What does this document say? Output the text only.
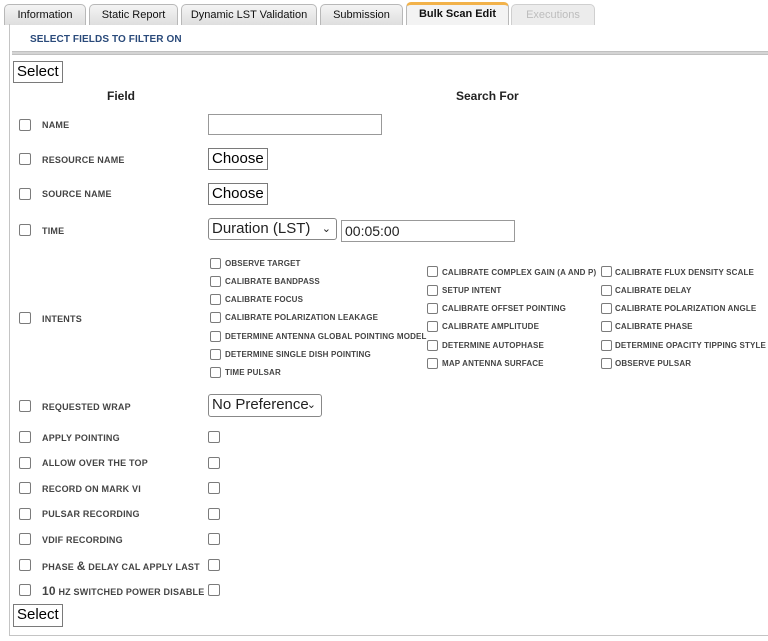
Information	Static Report	Dynamic LST Validation	Submission	Bulk Scan Edit	Executions
SELECT FIELDS TO FILTER ON
Select
Field	Search For
NAME
RESOURCE NAME	Choose
SOURCE NAME	Choose
TIME	Duration (LST) ⌄ 00:05:00
INTENTS
OBSERVE TARGET
CALIBRATE BANDPASS
CALIBRATE FOCUS
CALIBRATE POLARIZATION LEAKAGE
DETERMINE ANTENNA GLOBAL POINTING MODEL
DETERMINE SINGLE DISH POINTING
TIME PULSAR
CALIBRATE COMPLEX GAIN (A AND P)
SETUP INTENT
CALIBRATE OFFSET POINTING
CALIBRATE AMPLITUDE
DETERMINE AUTOPHASE
MAP ANTENNA SURFACE
CALIBRATE FLUX DENSITY SCALE
CALIBRATE DELAY
CALIBRATE POLARIZATION ANGLE
CALIBRATE PHASE
DETERMINE OPACITY TIPPING STYLE
OBSERVE PULSAR
REQUESTED WRAP	No Preference
⌄
APPLY POINTING
ALLOW OVER THE TOP
RECORD ON MARK VI
PULSAR RECORDING
VDIF RECORDING
PHASE & DELAY CAL APPLY LAST
10 HZ SWITCHED POWER DISABLE
Select
